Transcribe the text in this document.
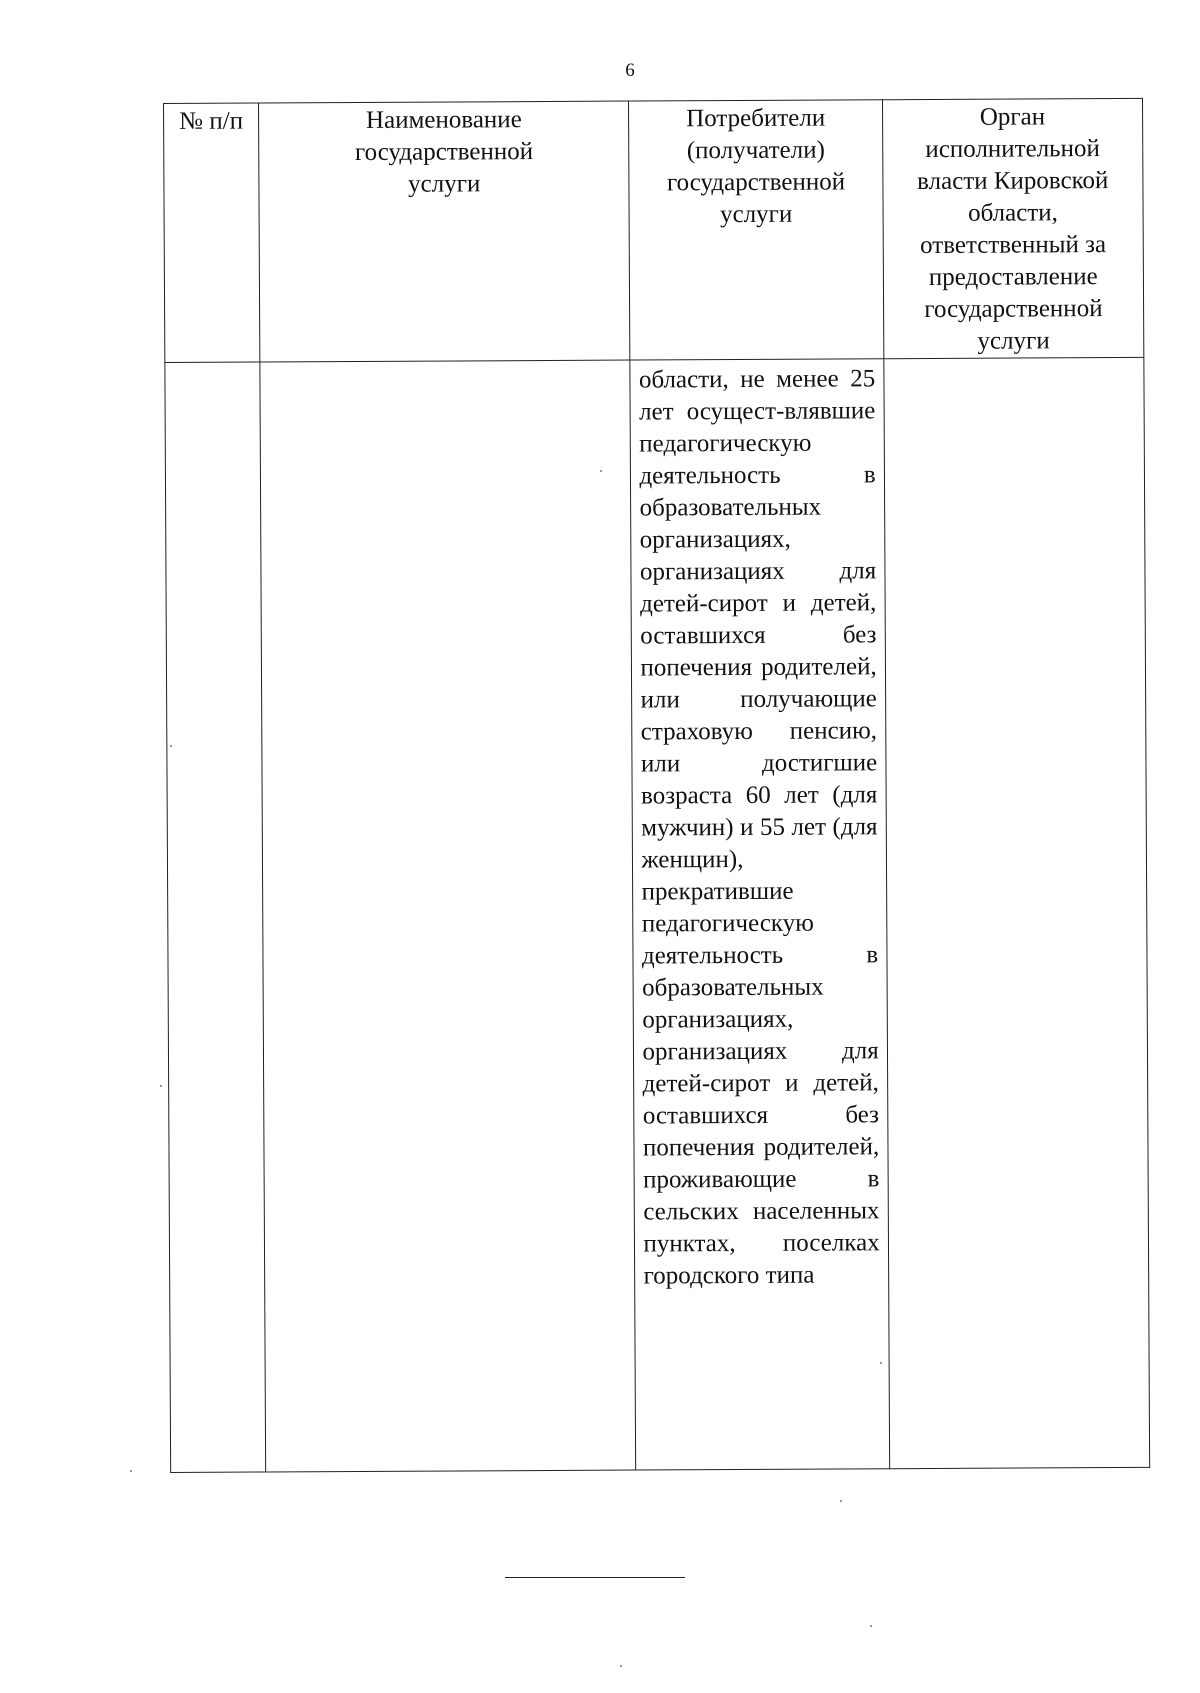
6
№ п/п	Наименование государственной услуги	Потребители (получатели) государственной услуги	Орган исполнительной власти Кировской области, ответственный за предоставление государственной услуги

		области, не менее 25 лет осущест-влявшие педагогическую деятельность в образовательных организациях, организациях для детей-сирот и детей, оставшихся без попечения родителей, или получающие страховую пенсию, или достигшие возраста 60 лет (для мужчин) и 55 лет (для женщин), прекратившие педагогическую деятельность в образовательных организациях, организациях для детей-сирот и детей, оставшихся без попечения родителей, проживающие в сельских населенных пунктах, поселках городского типа	
